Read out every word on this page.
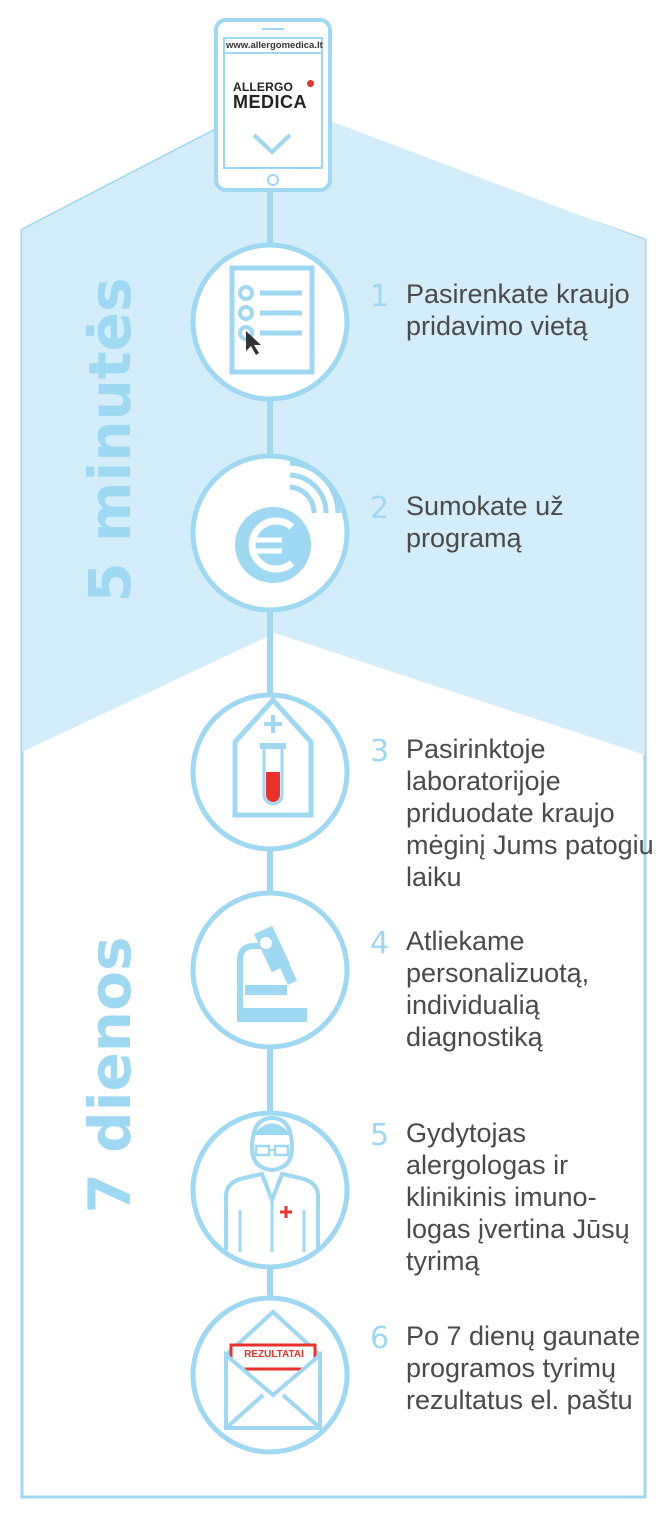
www.allergomedica.lt
ALLERGO
MEDICA
5 minutės
7 dienos
REZULTATAI
1 Pasirenkate kraujo pridavimo vietą
2 Sumokate už programą
3 Pasirinktoje laboratorijoje priduodate kraujo mėginį Jums patogiu laiku
4 Atliekame personalizuotą, individualią diagnostiką
5 Gydytojas alergologas ir klinikinis imuno-logas įvertina Jūsų tyrimą
6 Po 7 dienų gaunate programos tyrimų rezultatus el. paštu
